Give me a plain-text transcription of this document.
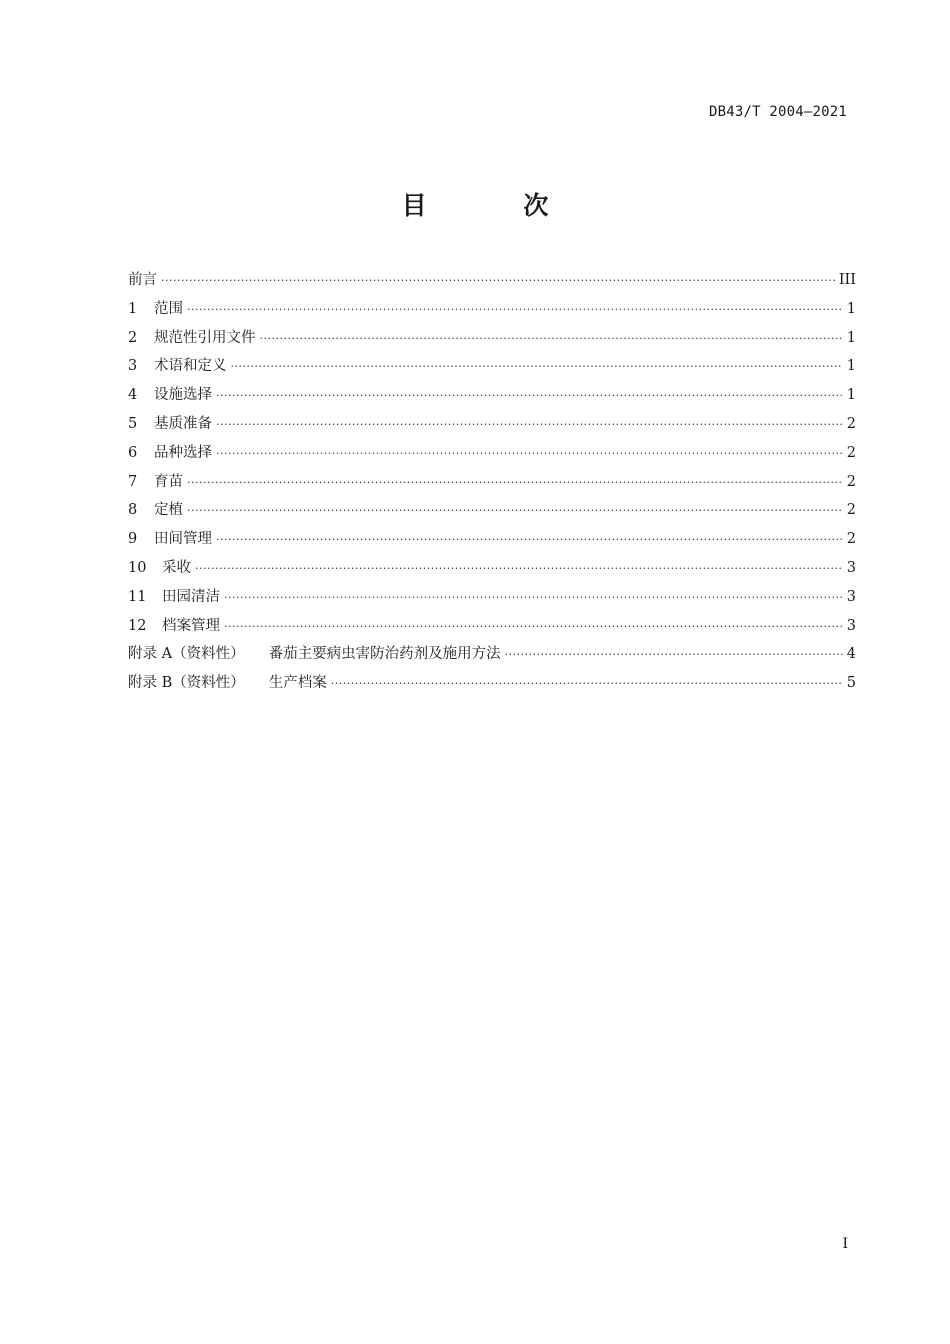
DB43/T 2004—2021
目 次
前言 ·····	III
1	范围 ·····	1
2	规范性引用文件 ·····	1
3	术语和定义 ·····	1
4	设施选择 ·····	1
5	基质准备 ·····	2
6	品种选择 ·····	2
7	育苗 ·····	2
8	定植 ·····	2
9	田间管理 ·····	2
10	采收 ·····	3
11	田园清洁 ·····	3
12	档案管理 ·····	3
附录 A（资料性） 番茄主要病虫害防治药剂及施用方法 ·····	4
附录 B（资料性） 生产档案 ·····	5
I
